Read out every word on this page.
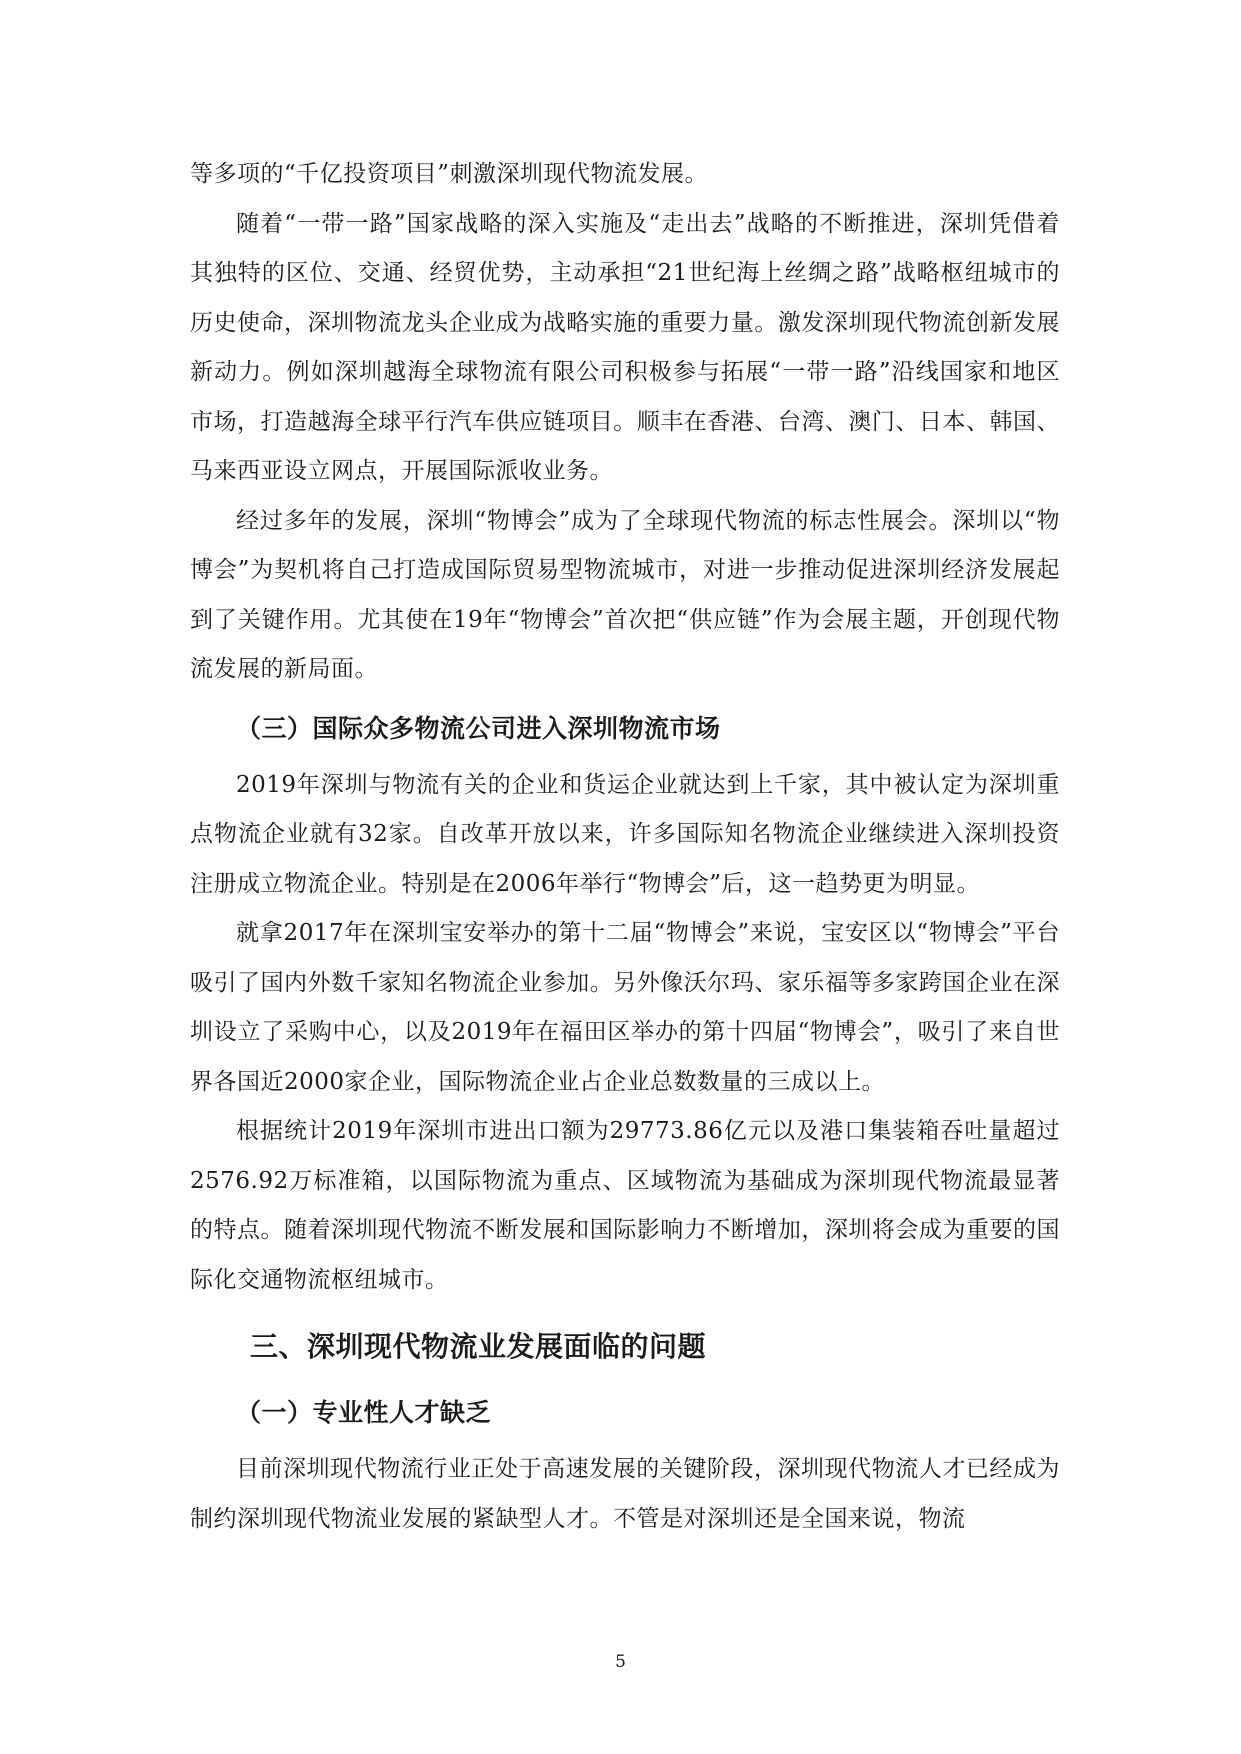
等多项的“千亿投资项目”刺激深圳现代物流发展。

随着“一带一路”国家战略的深入实施及“走出去”战略的不断推进，深圳凭借着其独特的区位、交通、经贸优势，主动承担“21世纪海上丝绸之路”战略枢纽城市的历史使命，深圳物流龙头企业成为战略实施的重要力量。激发深圳现代物流创新发展新动力。例如深圳越海全球物流有限公司积极参与拓展“一带一路”沿线国家和地区市场，打造越海全球平行汽车供应链项目。顺丰在香港、台湾、澳门、日本、韩国、马来西亚设立网点，开展国际派收业务。

经过多年的发展，深圳“物博会”成为了全球现代物流的标志性展会。深圳以“物博会”为契机将自己打造成国际贸易型物流城市，对进一步推动促进深圳经济发展起到了关键作用。尤其使在19年“物博会”首次把“供应链”作为会展主题，开创现代物流发展的新局面。

（三）国际众多物流公司进入深圳物流市场

2019年深圳与物流有关的企业和货运企业就达到上千家，其中被认定为深圳重点物流企业就有32家。自改革开放以来，许多国际知名物流企业继续进入深圳投资注册成立物流企业。特别是在2006年举行“物博会”后，这一趋势更为明显。

就拿2017年在深圳宝安举办的第十二届“物博会”来说，宝安区以“物博会”平台吸引了国内外数千家知名物流企业参加。另外像沃尔玛、家乐福等多家跨国企业在深圳设立了采购中心，以及2019年在福田区举办的第十四届“物博会”，吸引了来自世界各国近2000家企业，国际物流企业占企业总数数量的三成以上。

根据统计2019年深圳市进出口额为29773.86亿元以及港口集装箱吞吐量超过2576.92万标准箱，以国际物流为重点、区域物流为基础成为深圳现代物流最显著的特点。随着深圳现代物流不断发展和国际影响力不断增加，深圳将会成为重要的国际化交通物流枢纽城市。

三、深圳现代物流业发展面临的问题
（一）专业性人才缺乏

目前深圳现代物流行业正处于高速发展的关键阶段，深圳现代物流人才已经成为制约深圳现代物流业发展的紧缺型人才。不管是对深圳还是全国来说，物流

5
